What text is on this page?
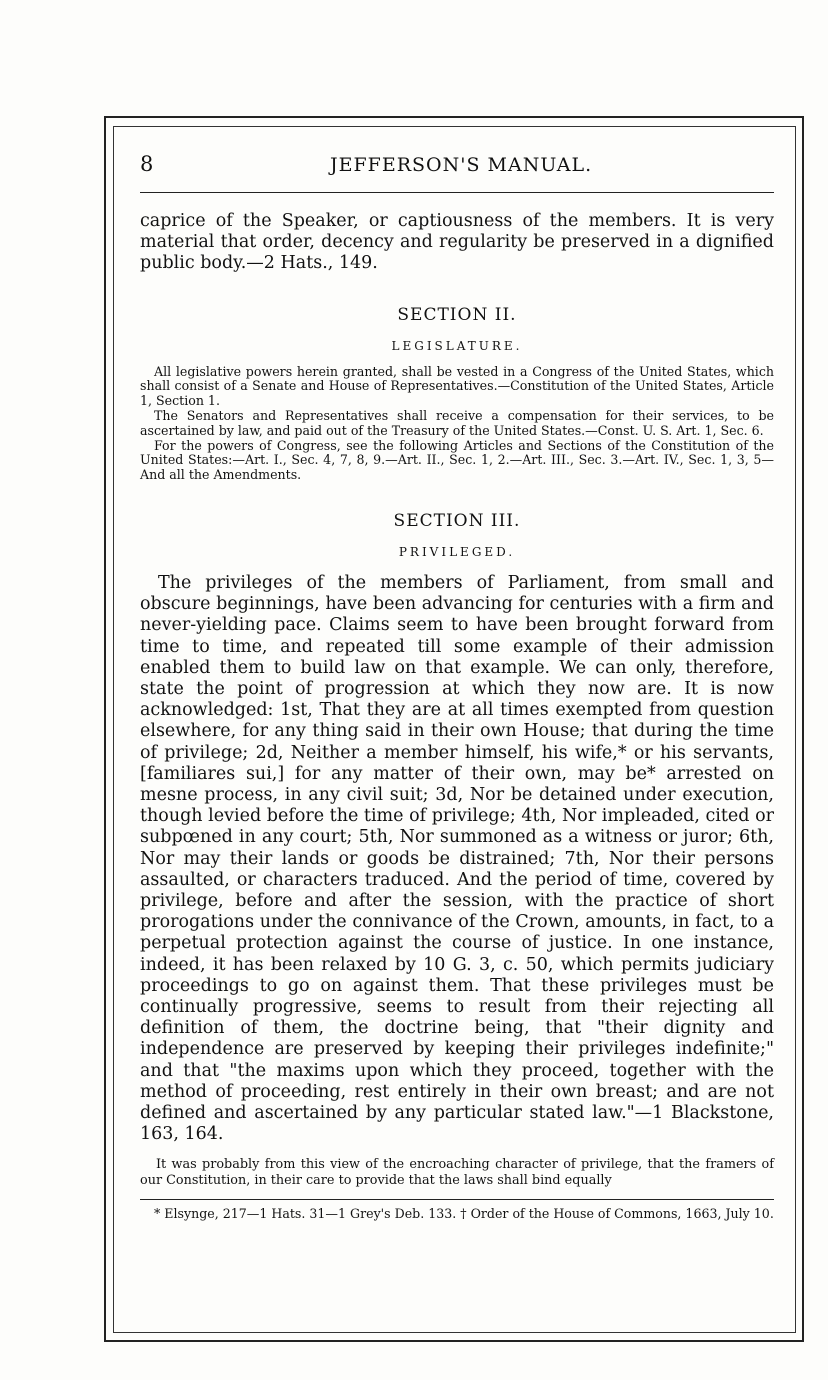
8	JEFFERSON'S MANUAL.

caprice of the Speaker, or captiousness of the members. It is very material that order, decency and regularity be preserved in a dignified public body.—2 Hats., 149.

SECTION II.

LEGISLATURE.

All legislative powers herein granted, shall be vested in a Congress of the United States, which shall consist of a Senate and House of Representatives.—Constitution of the United States, Article 1, Section 1.

The Senators and Representatives shall receive a compensation for their services, to be ascertained by law, and paid out of the Treasury of the United States.—Const. U. S. Art. 1, Sec. 6.

For the powers of Congress, see the following Articles and Sections of the Constitution of the United States:—Art. I., Sec. 4, 7, 8, 9.—Art. II., Sec. 1, 2.—Art. III., Sec. 3.—Art. IV., Sec. 1, 3, 5—And all the Amendments.

SECTION III.

PRIVILEGED.

The privileges of the members of Parliament, from small and obscure beginnings, have been advancing for centuries with a firm and never-yielding pace. Claims seem to have been brought forward from time to time, and repeated till some example of their admission enabled them to build law on that example. We can only, therefore, state the point of progression at which they now are. It is now acknowledged: 1st, That they are at all times exempted from question elsewhere, for any thing said in their own House; that during the time of privilege; 2d, Neither a member himself, his wife,* or his servants, [familiares sui,] for any matter of their own, may be* arrested on mesne process, in any civil suit; 3d, Nor be detained under execution, though levied before the time of privilege; 4th, Nor impleaded, cited or subpœned in any court; 5th, Nor summoned as a witness or juror; 6th, Nor may their lands or goods be distrained; 7th, Nor their persons assaulted, or characters traduced. And the period of time, covered by privilege, before and after the session, with the practice of short prorogations under the connivance of the Crown, amounts, in fact, to a perpetual protection against the course of justice. In one instance, indeed, it has been relaxed by 10 G. 3, c. 50, which permits judiciary proceedings to go on against them. That these privileges must be continually progressive, seems to result from their rejecting all definition of them, the doctrine being, that "their dignity and independence are preserved by keeping their privileges indefinite;" and that "the maxims upon which they proceed, together with the method of proceeding, rest entirely in their own breast; and are not defined and ascertained by any particular stated law."—1 Blackstone, 163, 164.

It was probably from this view of the encroaching character of privilege, that the framers of our Constitution, in their care to provide that the laws shall bind equally

* Elsynge, 217—1 Hats. 31—1 Grey's Deb. 133. † Order of the House of Commons, 1663, July 10.
